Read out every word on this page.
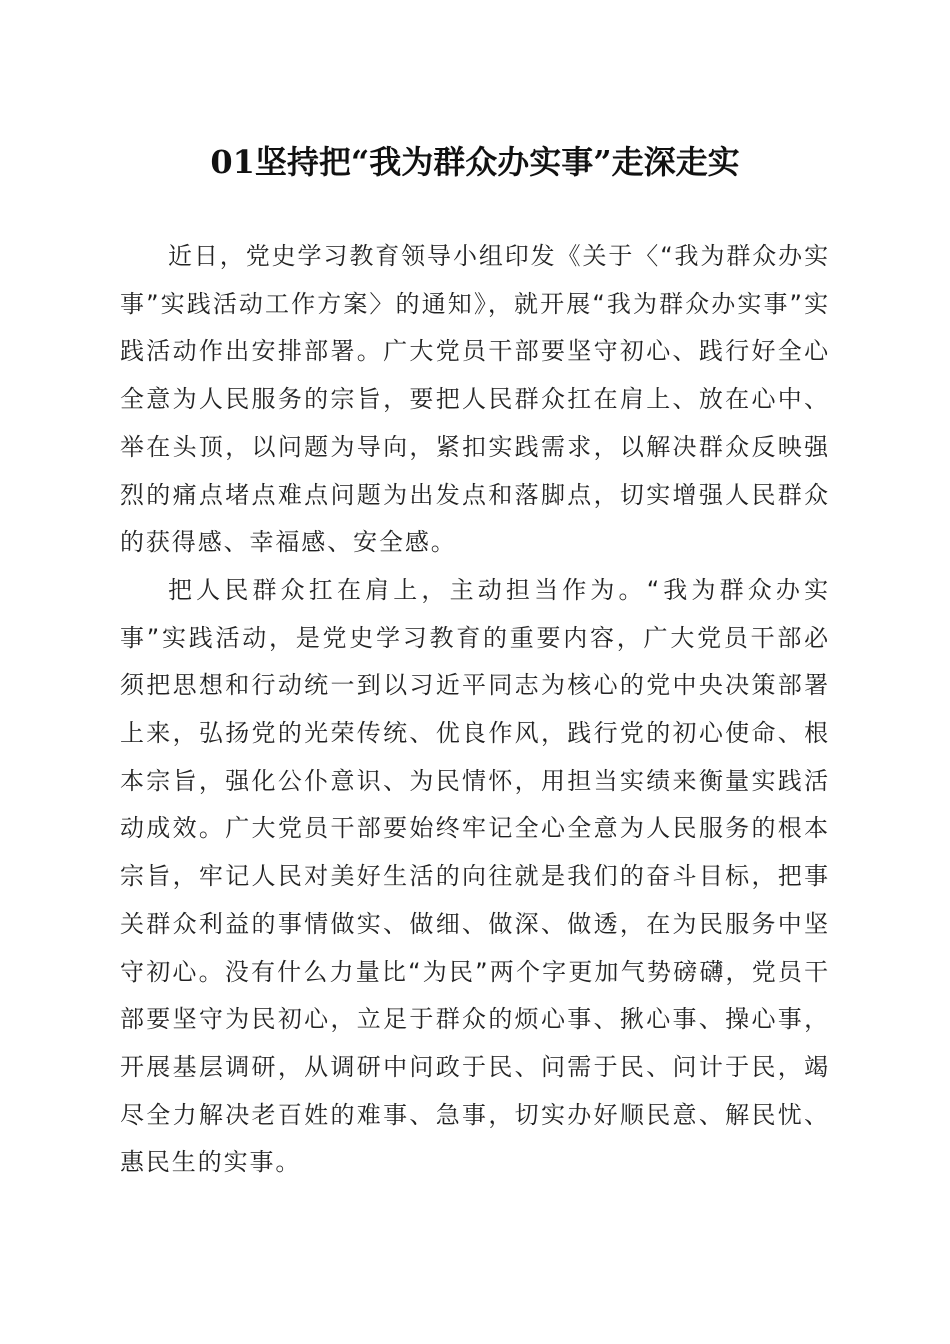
01坚持把“我为群众办实事”走深走实

近日，党史学习教育领导小组印发《关于〈“我为群众办实事”实践活动工作方案〉的通知》，就开展“我为群众办实事”实践活动作出安排部署。广大党员干部要坚守初心、践行好全心全意为人民服务的宗旨，要把人民群众扛在肩上、放在心中、举在头顶，以问题为导向，紧扣实践需求，以解决群众反映强烈的痛点堵点难点问题为出发点和落脚点，切实增强人民群众的获得感、幸福感、安全感。

把人民群众扛在肩上，主动担当作为。“我为群众办实事”实践活动，是党史学习教育的重要内容，广大党员干部必须把思想和行动统一到以习近平同志为核心的党中央决策部署上来，弘扬党的光荣传统、优良作风，践行党的初心使命、根本宗旨，强化公仆意识、为民情怀，用担当实绩来衡量实践活动成效。广大党员干部要始终牢记全心全意为人民服务的根本宗旨，牢记人民对美好生活的向往就是我们的奋斗目标，把事关群众利益的事情做实、做细、做深、做透，在为民服务中坚守初心。没有什么力量比“为民”两个字更加气势磅礴，党员干部要坚守为民初心，立足于群众的烦心事、揪心事、操心事，开展基层调研，从调研中问政于民、问需于民、问计于民，竭尽全力解决老百姓的难事、急事，切实办好顺民意、解民忧、惠民生的实事。
